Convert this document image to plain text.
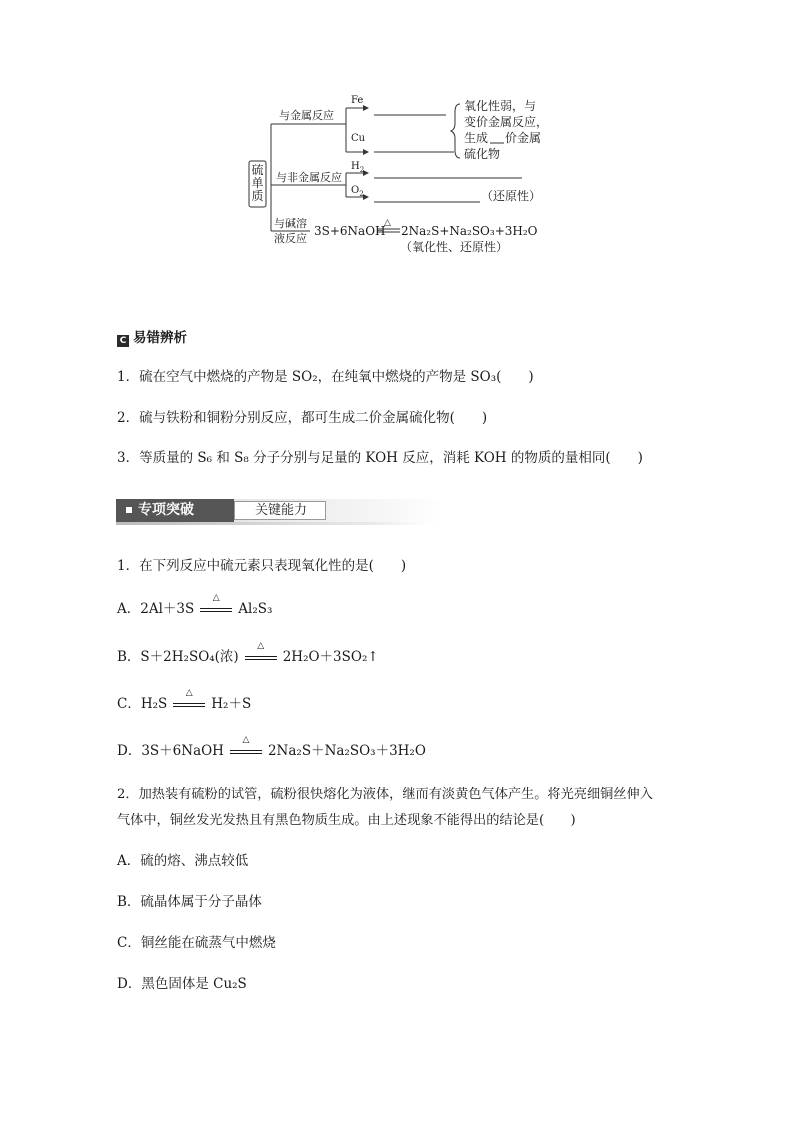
硫单质
与金属反应
Fe
Cu
氧化性弱，与
变价金属反应，
生成 价金属
硫化物
与非金属反应
$H_2$
$O_2$	（还原性）
与碱溶
液反应
3S+6NaOH
△
2Na₂S+Na₂SO₃+3H₂O
（氧化性、还原性）
C 易错辨析
1．硫在空气中燃烧的产物是 SO₂，在纯氧中燃烧的产物是 SO₃(　　)
2．硫与铁粉和铜粉分别反应，都可生成二价金属硫化物(　　)
3．等质量的 S₆ 和 S₈ 分子分别与足量的 KOH 反应，消耗 KOH 的物质的量相同(　　)
专项突破	关键能力
1．在下列反应中硫元素只表现氧化性的是(　　)
A．2Al＋3S
△
Al₂S₃
B．S＋2H₂SO₄(浓)
△
2H₂O＋3SO₂↑
C．H₂S
△
H₂＋S
D．3S＋6NaOH
△
2Na₂S＋Na₂SO₃＋3H₂O
2．加热装有硫粉的试管，硫粉很快熔化为液体，继而有淡黄色气体产生。将光亮细铜丝伸入
气体中，铜丝发光发热且有黑色物质生成。由上述现象不能得出的结论是(　　)
A．硫的熔、沸点较低
B．硫晶体属于分子晶体
C．铜丝能在硫蒸气中燃烧
D．黑色固体是 Cu₂S
